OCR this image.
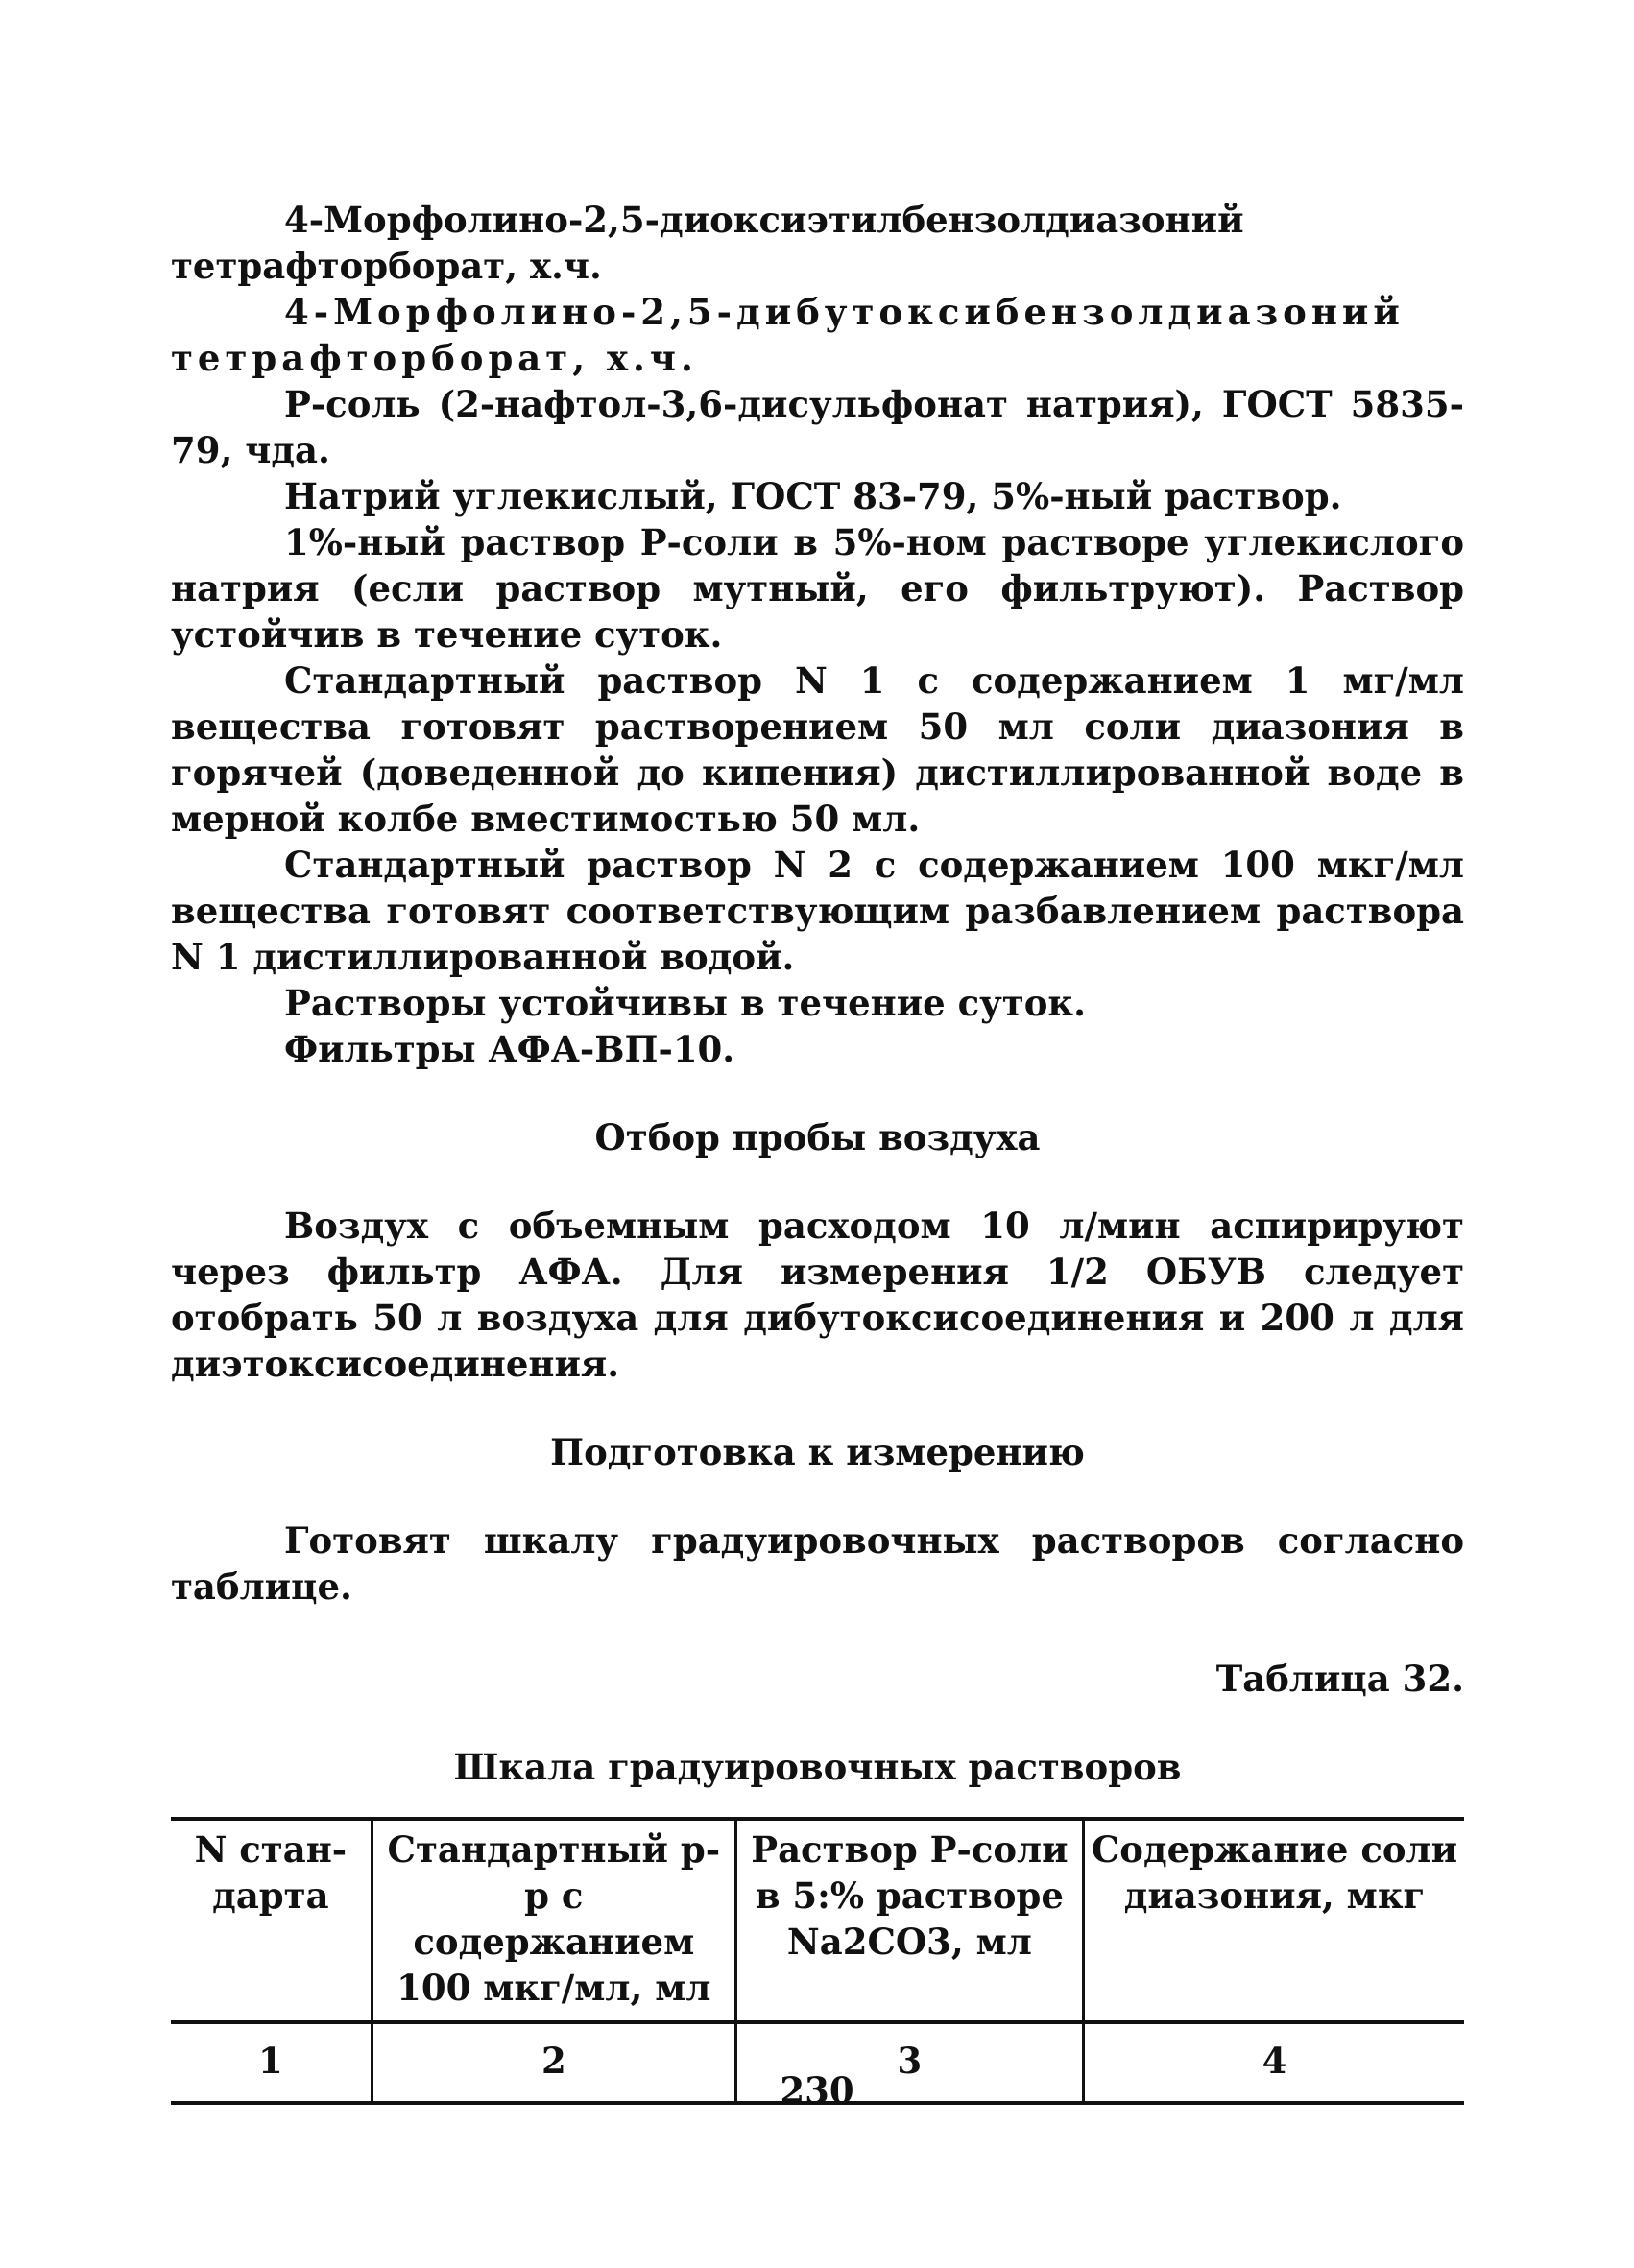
4-Морфолино-2,5-диоксиэтилбензолдиазоний тетрафторборат, х.ч.

4-Морфолино-2,5-дибутоксибензолдиазоний тетрафторборат, х.ч.

Р-соль (2-нафтол-3,6-дисульфонат натрия), ГОСТ 5835-79, чда.

Натрий углекислый, ГОСТ 83-79, 5%-ный раствор.

1%-ный раствор Р-соли в 5%-ном растворе углекислого натрия (если раствор мутный, его фильтруют). Раствор устойчив в течение суток.

Стандартный раствор N 1 с содержанием 1 мг/мл вещества готовят растворением 50 мл соли диазония в горячей (доведенной до кипения) дистиллированной воде в мерной колбе вместимостью 50 мл.

Стандартный раствор N 2 с содержанием 100 мкг/мл вещества готовят соответствующим разбавлением раствора N 1 дистиллированной водой.

Растворы устойчивы в течение суток.

Фильтры АФА-ВП-10.

Отбор пробы воздуха

Воздух с объемным расходом 10 л/мин аспирируют через фильтр АФА. Для измерения 1/2 ОБУВ следует отобрать 50 л воздуха для дибутоксисоединения и 200 л для диэтоксисоединения.

Подготовка к измерению

Готовят шкалу градуировочных растворов согласно таблице.

Таблица 32.

Шкала градуировочных растворов

N стан- дарта	Стандартный р-р с содержанием 100 мкг/мл, мл	Раствор Р-соли в 5:% растворе Na2CO3, мл	Содержание соли диазония, мкг
1	2	3	4
230
